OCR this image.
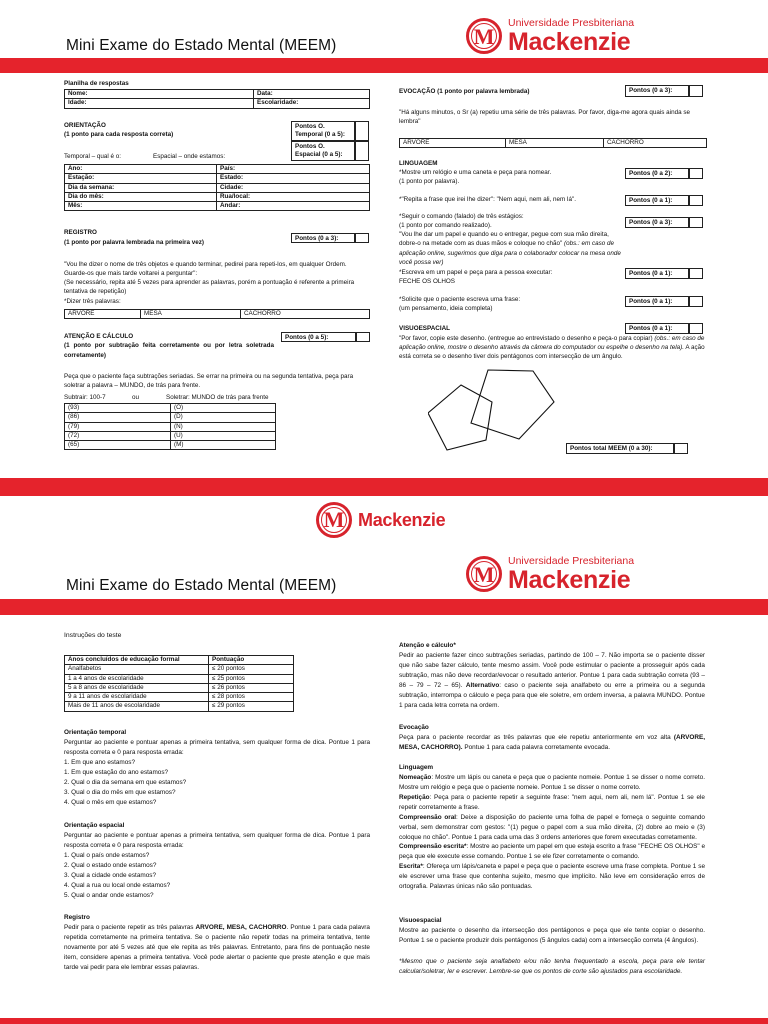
Mini Exame do Estado Mental (MEEM)	M
Universidade Presbiteriana
Mackenzie
Planilha de respostas
Nome:	Data:
Idade:	Escolaridade:
ORIENTAÇÃO
(1 ponto para cada resposta correta)
Pontos O.
Temporal (0 a 5):
Pontos O.
Espacial (0 a 5):
Temporal – qual é o:	Espacial – onde estamos:
Ano:	País:
Estação:	Estado:
Dia da semana:	Cidade:
Dia do mês:	Rua/local:
Mês:	Andar:
REGISTRO
(1 ponto por palavra lembrada na primeira vez)
Pontos (0 a 3):
"Vou lhe dizer o nome de três objetos e quando terminar, pedirei para repeti-los, em qualquer Ordem. Guarde-os que mais tarde voltarei a perguntar":
(Se necessário, repita até 5 vezes para aprender as palavras, porém a pontuação é referente a primeira tentativa de repetição)
*Dizer três palavras:
ARVORE	MESA	CACHORRO
ATENÇÃO E CÁLCULO
(1 ponto por subtração feita corretamente ou por letra soletrada corretamente)
Pontos (0 a 5):
Peça que o paciente faça subtrações seriadas. Se errar na primeira ou na segunda tentativa, peça para soletrar a palavra – MUNDO, de trás para frente.
Subtrair: 100-7	ou	Soletrar: MUNDO de trás para frente
(93)	(O)
(86)	(D)
(79)	(N)
(72)	(U)
(65)	(M)
EVOCAÇÃO (1 ponto por palavra lembrada)	Pontos (0 a 3):
"Há alguns minutos, o Sr (a) repetiu uma série de três palavras. Por favor, diga-me agora quais ainda se lembra"
ARVORE	MESA	CACHORRO
LINGUAGEM
*Mostre um relógio e uma caneta e peça para nomear.
(1 ponto por palavra).
Pontos (0 a 2):
*"Repita a frase que irei lhe dizer": "Nem aqui, nem ali, nem lá".	Pontos (0 a 1):
*Seguir o comando (falado) de três estágios:
(1 ponto por comando realizado).
"Vou lhe dar um papel e quando eu o entregar, pegue com sua mão direita, dobre-o na metade com as duas mãos e coloque no chão" (obs.: em caso de aplicação online, sugerimos que diga para o colaborador colocar na mesa onde você possa ver)
Pontos (0 a 3):
*Escreva em um papel e peça para a pessoa executar:
FECHE OS OLHOS
Pontos (0 a 1):
*Solicite que o paciente escreva uma frase:
(um pensamento, ideia completa)
Pontos (0 a 1):
VISUOESPACIAL	Pontos (0 a 1):
"Por favor, copie este desenho. (entregue ao entrevistado o desenho e peça-o para copiar) (obs.: em caso de aplicação online, mostre o desenho através da câmera do computador ou espelhe o desenho na tela). A ação está correta se o desenho tiver dois pentágonos com intersecção de um ângulo.
Pontos total MEEM (0 a 30):
M Mackenzie
Mini Exame do Estado Mental (MEEM)	M
Universidade Presbiteriana
Mackenzie
Instruções do teste
Anos concluídos de educação formal	Pontuação
Analfabetos	≤ 20 pontos
1 a 4 anos de escolaridade	≤ 25 pontos
5 a 8 anos de escolaridade	≤ 26 pontos
9 a 11 anos de escolaridade	≤ 28 pontos
Mais de 11 anos de escolaridade	≤ 29 pontos
Orientação temporal
Perguntar ao paciente e pontuar apenas a primeira tentativa, sem qualquer forma de dica. Pontue 1 para resposta correta e 0 para resposta errada:
1. Em que ano estamos?
1. Em que estação do ano estamos?
2. Qual o dia da semana em que estamos?
3. Qual o dia do mês em que estamos?
4. Qual o mês em que estamos?
Orientação espacial
Perguntar ao paciente e pontuar apenas a primeira tentativa, sem qualquer forma de dica. Pontue 1 para resposta correta e 0 para resposta errada:
1. Qual o país onde estamos?
2. Qual o estado onde estamos?
3. Qual a cidade onde estamos?
4. Qual a rua ou local onde estamos?
5. Qual o andar onde estamos?
Registro
Pedir para o paciente repetir as três palavras ARVORE, MESA, CACHORRO. Pontue 1 para cada palavra repetida corretamente na primeira tentativa. Se o paciente não repetir todas na primeira tentativa, tente novamente por até 5 vezes até que ele repita as três palavras. Entretanto, para fins de pontuação neste item, considere apenas a primeira tentativa. Você pode alertar o paciente que preste atenção e que mais tarde vai pedir para ele lembrar essas palavras.
Atenção e cálculo*
Pedir ao paciente fazer cinco subtrações seriadas, partindo de 100 – 7. Não importa se o paciente disser que não sabe fazer cálculo, tente mesmo assim. Você pode estimular o paciente a prosseguir após cada subtração, mas não deve recordar/evocar o resultado anterior. Pontue 1 para cada subtração correta (93 – 86 – 79 – 72 – 65). Alternativo: caso o paciente seja analfabeto ou erre a primeira ou a segunda subtração, interrompa o cálculo e peça para que ele soletre, em ordem inversa, a palavra MUNDO. Pontue 1 para cada letra correta na ordem.
Evocação
Peça para o paciente recordar as três palavras que ele repetiu anteriormente em voz alta (ARVORE, MESA, CACHORRO). Pontue 1 para cada palavra corretamente evocada.
Linguagem
Nomeação: Mostre um lápis ou caneta e peça que o paciente nomeie. Pontue 1 se disser o nome correto. Mostre um relógio e peça que o paciente nomeie. Pontue 1 se disser o nome correto.
Repetição: Peça para o paciente repetir a seguinte frase: "nem aqui, nem ali, nem lá". Pontue 1 se ele repetir corretamente a frase.
Compreensão oral: Deixe a disposição do paciente uma folha de papel e forneça o seguinte comando verbal, sem demonstrar com gestos: "(1) pegue o papel com a sua mão direita, (2) dobre ao meio e (3) coloque no chão". Pontue 1 para cada uma das 3 ordens anteriores que forem executadas corretamente.
Compreensão escrita*: Mostre ao paciente um papel em que esteja escrito a frase "FECHE OS OLHOS" e peça que ele execute esse comando. Pontue 1 se ele fizer corretamente o comando.
Escrita*: Ofereça um lápis/caneta e papel e peça que o paciente escreve uma frase completa. Pontue 1 se ele escrever uma frase que contenha sujeito, mesmo que implícito. Não leve em consideração erros de ortografia. Palavras únicas não são pontuadas.
Visuoespacial
Mostre ao paciente o desenho da intersecção dos pentágonos e peça que ele tente copiar o desenho. Pontue 1 se o paciente produzir dois pentágonos (5 ângulos cada) com a intersecção correta (4 ângulos).
*Mesmo que o paciente seja analfabeto e/ou não tenha frequentado a escola, peça para ele tentar calcular/soletrar, ler e escrever. Lembre-se que os pontos de corte são ajustados para escolaridade.
